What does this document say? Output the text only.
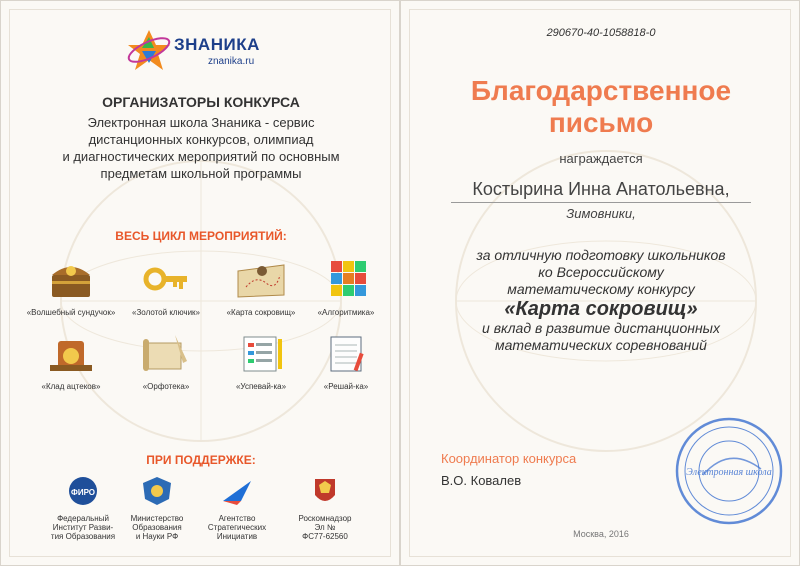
ЗНАНИКА
znanika.ru
ОРГАНИЗАТОРЫ КОНКУРСА
Электронная школа Знаника - сервис
дистанционных конкурсов, олимпиад
и диагностических мероприятий по основным
предметам школьной программы
ВЕСЬ ЦИКЛ МЕРОПРИЯТИЙ:
«Волшебный сундучок»	«Золотой ключик»	«Карта сокровищ»	«Алгоритмика»
«Клад ацтеков»	«Орфотека»	«Успевай-ка»	«Решай-ка»
ПРИ ПОДДЕРЖКЕ:
ФИРО
Федеральный
Институт Разви-
тия Образования
Министерство
Образования
и Науки РФ
Агентство
Стратегических
Инициатив
Роскомнадзор
Эл №
ФС77-62560
290670-40-1058818-0
Благодарственное
письмо
награждается
Костырина Инна Анатольевна,
Зимовники,
за отличную подготовку школьников
ко Всероссийскому
математическому конкурсу
«Карта сокровищ»
и вклад в развитие дистанционных
математических соревнований
Координатор конкурса
В.О. Ковалев
Электронная школа
Москва, 2016
